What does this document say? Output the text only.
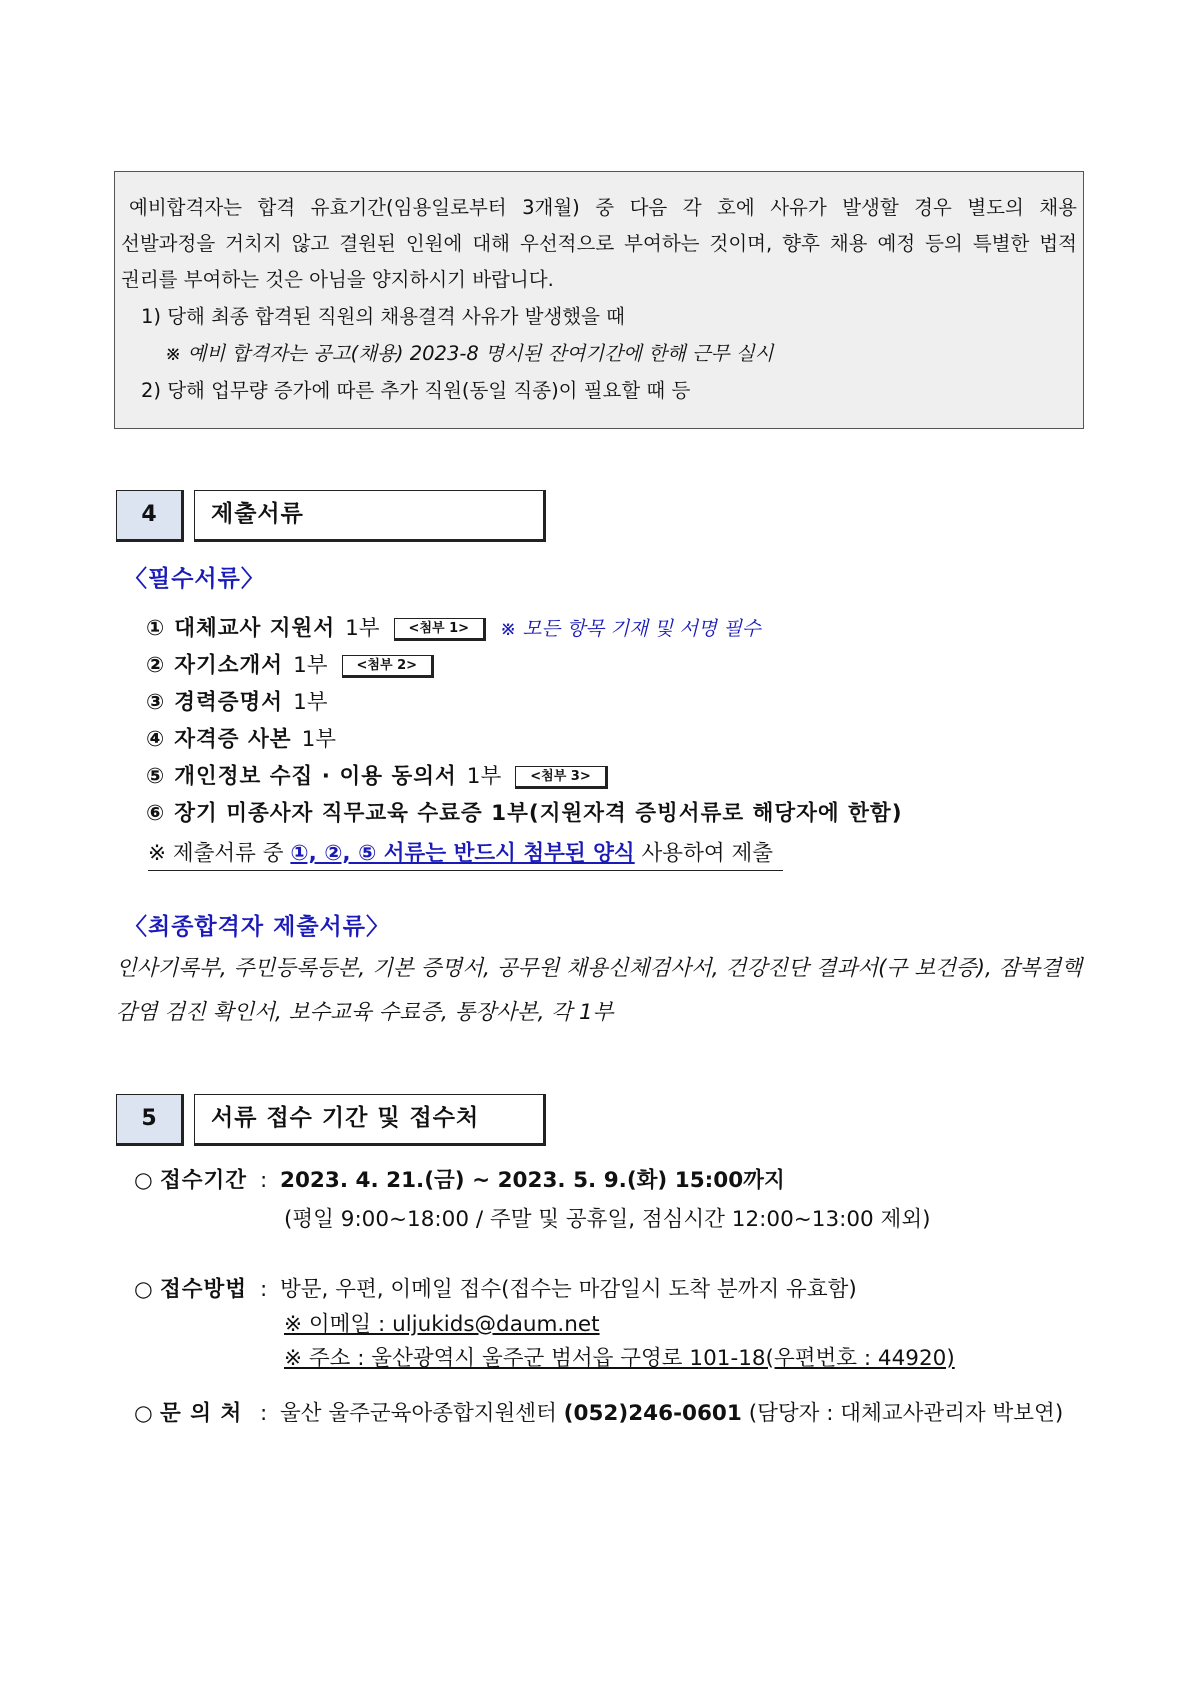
예비합격자는 합격 유효기간(임용일로부터 3개월) 중 다음 각 호에 사유가 발생할 경우 별도의 채용

선발과정을 거치지 않고 결원된 인원에 대해 우선적으로 부여하는 것이며, 향후 채용 예정 등의 특별한 법적

권리를 부여하는 것은 아님을 양지하시기 바랍니다.

1) 당해 최종 합격된 직원의 채용결격 사유가 발생했을 때
※ 예비 합격자는 공고(채용) 2023-8 명시된 잔여기간에 한해 근무 실시
2) 당해 업무량 증가에 따른 추가 직원(동일 직종)이 필요할 때 등
4	제출서류
〈필수서류〉
① 대체교사 지원서 1부 <첨부 1> ※ 모든 항목 기재 및 서명 필수
② 자기소개서 1부 <첨부 2>
③ 경력증명서 1부
④ 자격증 사본 1부
⑤ 개인정보 수집 · 이용 동의서 1부 <첨부 3>
⑥ 장기 미종사자 직무교육 수료증 1부(지원자격 증빙서류로 해당자에 한함)
※ 제출서류 중 ①, ②, ⑤ 서류는 반드시 첨부된 양식 사용하여 제출
〈최종합격자 제출서류〉
인사기록부, 주민등록등본, 기본 증명서, 공무원 채용신체검사서, 건강진단 결과서(구 보건증), 잠복결핵감염 검진 확인서, 보수교육 수료증, 통장사본, 각 1부
5	서류 접수 기간 및 접수처
○ 접수기간 : 2023. 4. 21.(금) ~ 2023. 5. 9.(화) 15:00까지
(평일 9:00~18:00 / 주말 및 공휴일, 점심시간 12:00~13:00 제외)
○ 접수방법 : 방문, 우편, 이메일 접수(접수는 마감일시 도착 분까지 유효함)
※ 이메일 : uljukids@daum.net
※ 주소 : 울산광역시 울주군 범서읍 구영로 101-18(우편번호 : 44920)
○ 문 의 처 : 울산 울주군육아종합지원센터 (052)246-0601 (담당자 : 대체교사관리자 박보연)
